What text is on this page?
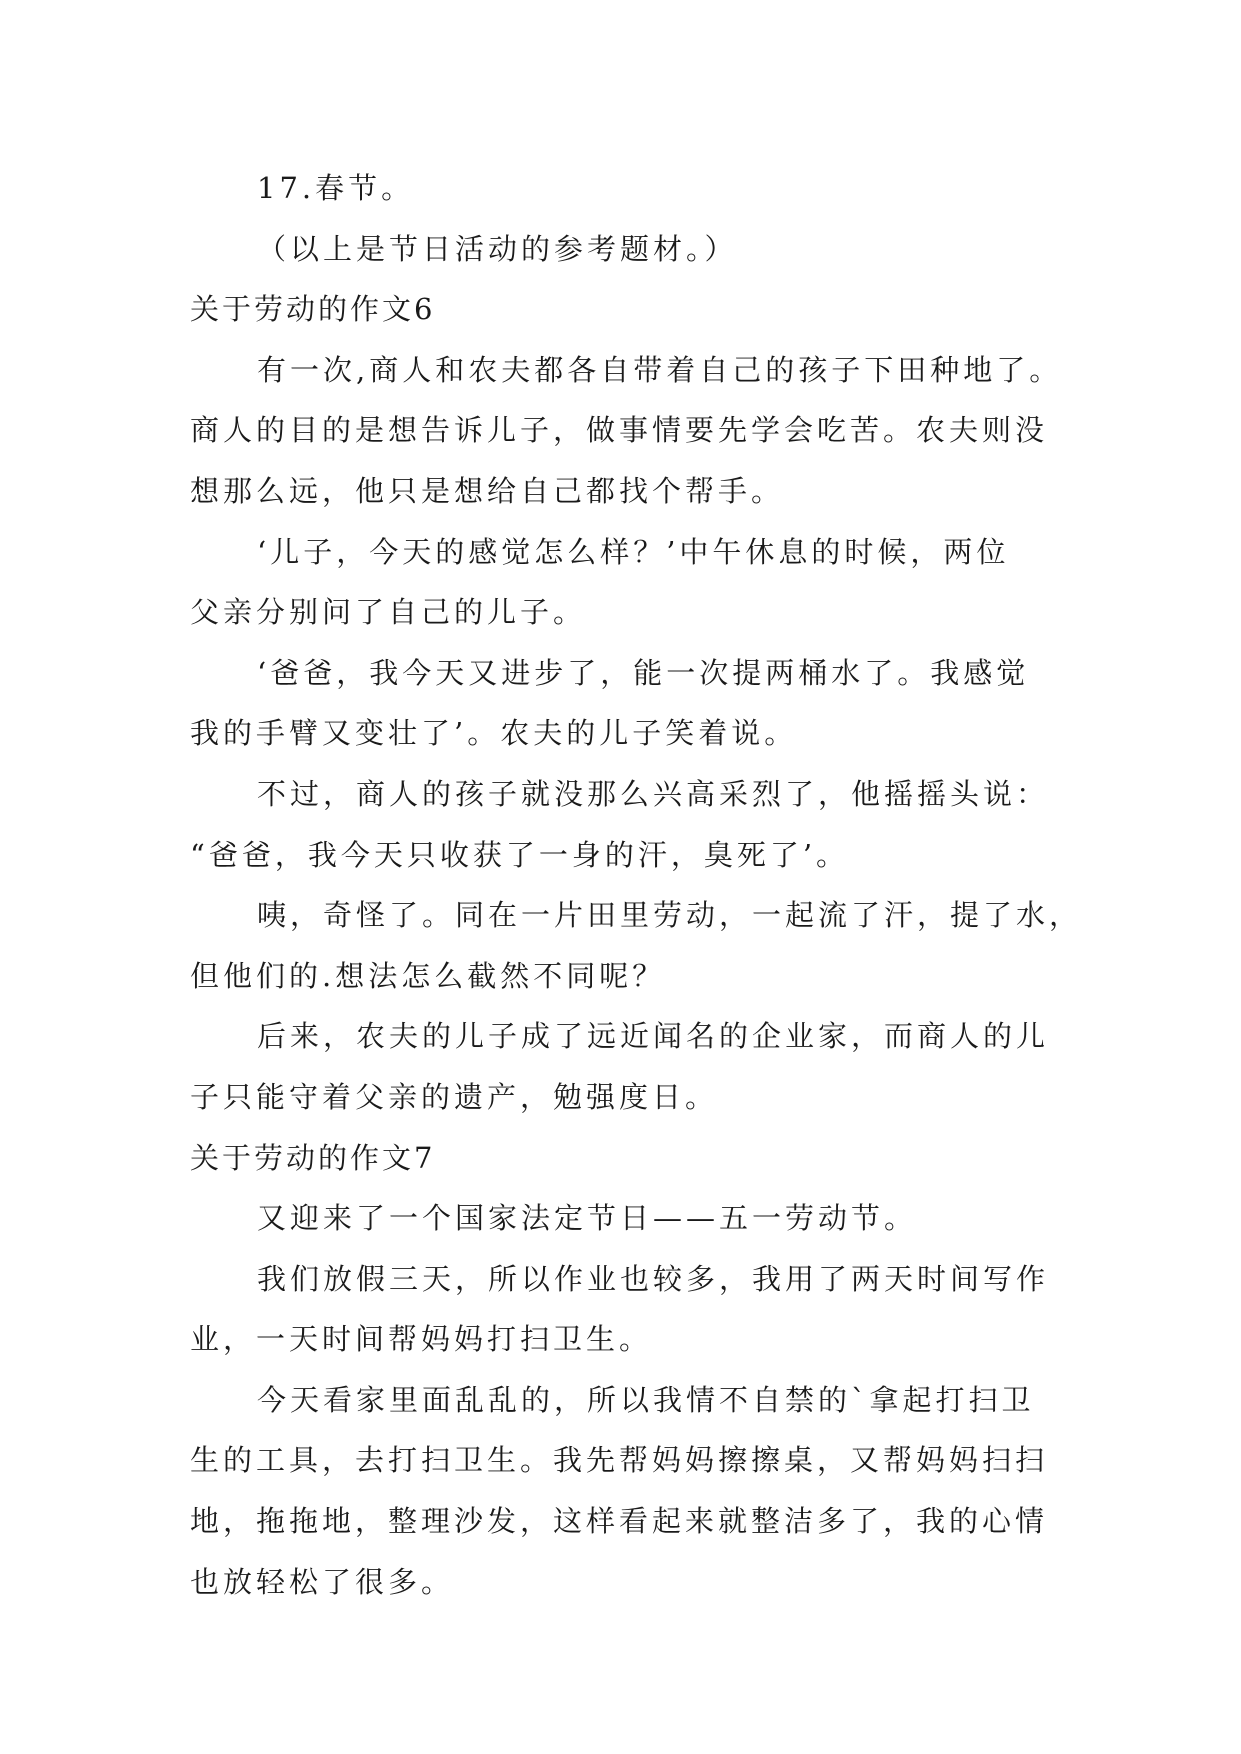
17.春节。
（以上是节日活动的参考题材。）
关于劳动的作文6
有一次,商人和农夫都各自带着自己的孩子下田种地了。
商人的目的是想告诉儿子，做事情要先学会吃苦。农夫则没
想那么远，他只是想给自己都找个帮手。
‘儿子，今天的感觉怎么样？’中午休息的时候，两位
父亲分别问了自己的儿子。
‘爸爸，我今天又进步了，能一次提两桶水了。我感觉
我的手臂又变壮了’。农夫的儿子笑着说。
不过，商人的孩子就没那么兴高采烈了，他摇摇头说：
“爸爸，我今天只收获了一身的汗，臭死了’。
咦，奇怪了。同在一片田里劳动，一起流了汗，提了水，
但他们的.想法怎么截然不同呢？
后来，农夫的儿子成了远近闻名的企业家，而商人的儿
子只能守着父亲的遗产，勉强度日。
关于劳动的作文7
又迎来了一个国家法定节日——五一劳动节。
我们放假三天，所以作业也较多，我用了两天时间写作
业，一天时间帮妈妈打扫卫生。
今天看家里面乱乱的，所以我情不自禁的`拿起打扫卫
生的工具，去打扫卫生。我先帮妈妈擦擦桌，又帮妈妈扫扫
地，拖拖地，整理沙发，这样看起来就整洁多了，我的心情
也放轻松了很多。
